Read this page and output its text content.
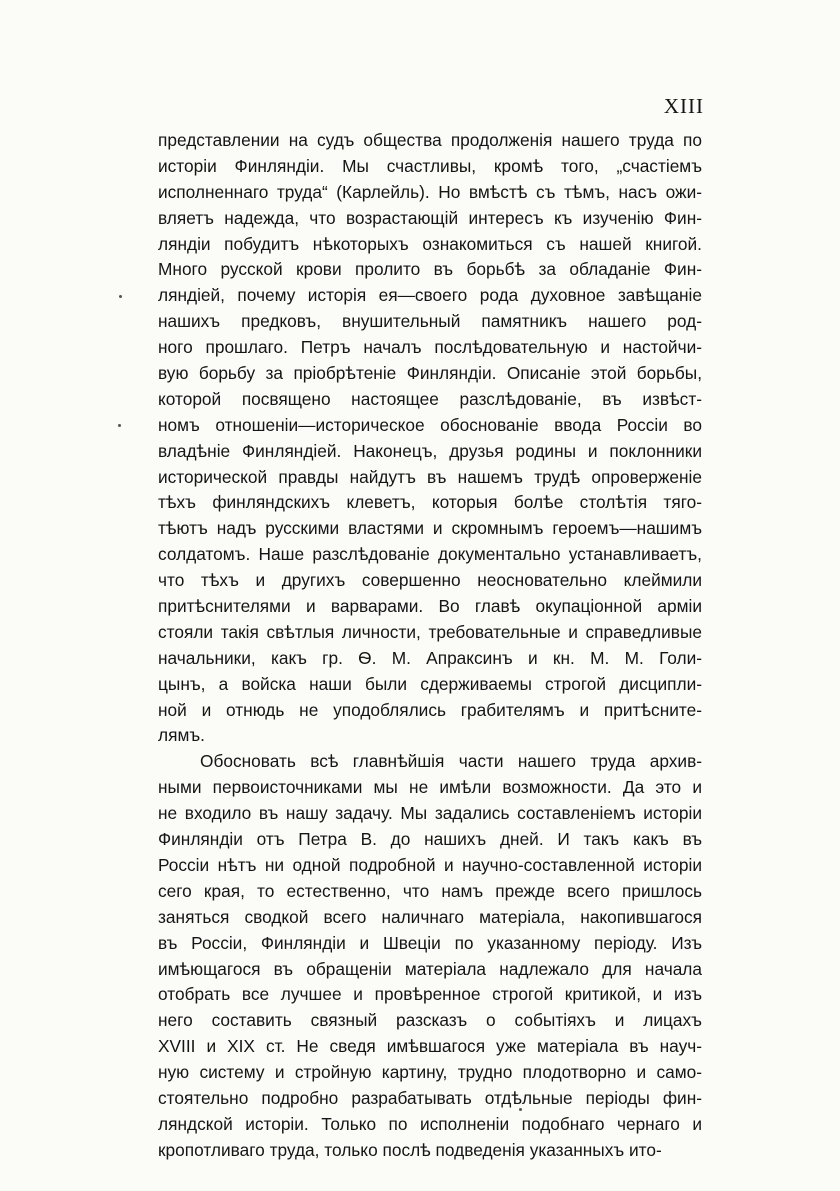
XIII
представлении на судъ общества продолженія нашего труда по
исторіи Финляндіи. Мы счастливы, кромѣ того, „счастіемъ
исполненнаго труда“ (Карлейль). Но вмѣстѣ съ тѣмъ, насъ ожи-
вляетъ надежда, что возрастающій интересъ къ изученію Фин-
ляндіи побудитъ нѣкоторыхъ ознакомиться съ нашей книгой.
Много русской крови пролито въ борьбѣ за обладаніе Фин-
ляндіей, почему исторія ея—своего рода духовное завѣщаніе
нашихъ предковъ, внушительный памятникъ нашего род-
ного прошлаго. Петръ началъ послѣдовательную и настойчи-
вую борьбу за пріобрѣтеніе Финляндіи. Описаніе этой борьбы,
которой посвящено настоящее разслѣдованіе, въ извѣст-
номъ отношеніи—историческое обоснованіе ввода Россіи во
владѣніе Финляндіей. Наконецъ, друзья родины и поклонники
исторической правды найдутъ въ нашемъ трудѣ опроверженіе
тѣхъ финляндскихъ клеветъ, которыя болѣе столѣтія тяго-
тѣютъ надъ русскими властями и скромнымъ героемъ—нашимъ
солдатомъ. Наше разслѣдованіе документально устанавливаетъ,
что тѣхъ и другихъ совершенно неосновательно клеймили
притѣснителями и варварами. Во главѣ окупаціонной арміи
стояли такія свѣтлыя личности, требовательные и справедливые
начальники, какъ гр. Ѳ. М. Апраксинъ и кн. М. М. Голи-
цынъ, а войска наши были сдерживаемы строгой дисципли-
ной и отнюдь не уподоблялись грабителямъ и притѣсните-
лямъ.
Обосновать всѣ главнѣйшія части нашего труда архив-
ными первоисточниками мы не имѣли возможности. Да это и
не входило въ нашу задачу. Мы задались составленіемъ исторіи
Финляндіи отъ Петра В. до нашихъ дней. И такъ какъ въ
Россіи нѣтъ ни одной подробной и научно-составленной исторіи
сего края, то естественно, что намъ прежде всего пришлось
заняться сводкой всего наличнаго матеріала, накопившагося
въ Россіи, Финляндіи и Швеціи по указанному періоду. Изъ
имѣющагося въ обращеніи матеріала надлежало для начала
отобрать все лучшее и провѣренное строгой критикой, и изъ
него составить связный разсказъ о событіяхъ и лицахъ
XVIII и XIX ст. Не сведя имѣвшагося уже матеріала въ науч-
ную систему и стройную картину, трудно плодотворно и само-
стоятельно подробно разрабатывать отдѣльные періоды фин-
ляндской исторіи. Только по исполненіи подобнаго чернаго и
кропотливаго труда, только послѣ подведенія указанныхъ ито-
